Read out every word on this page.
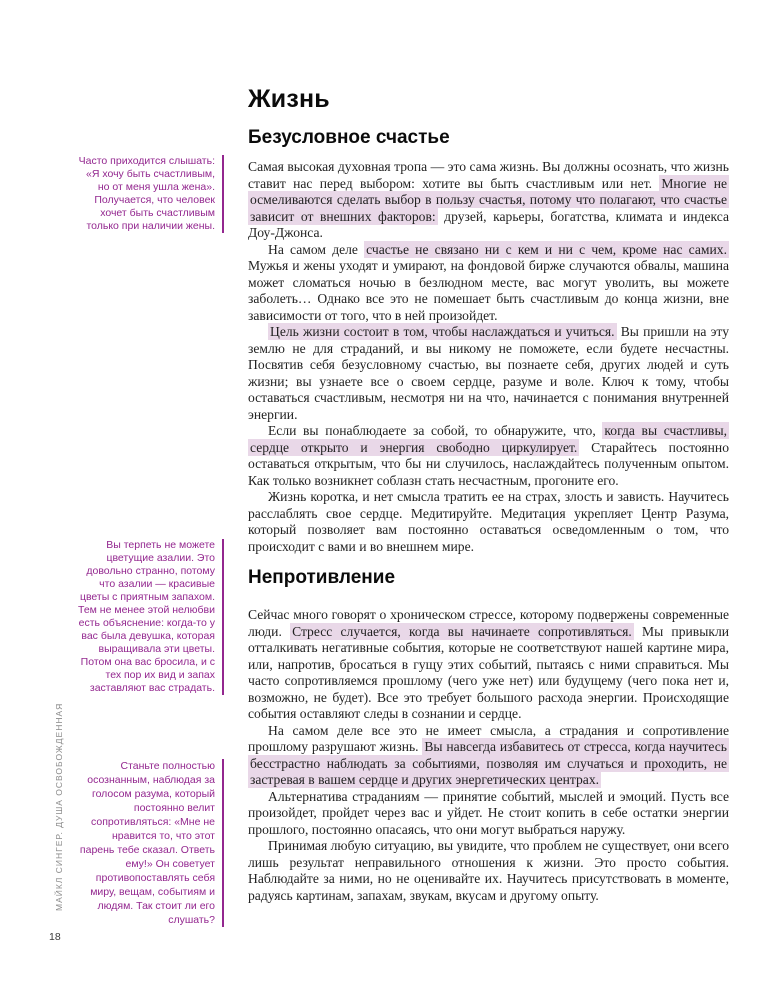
Жизнь
Безусловное счастье

Самая высокая духовная тропа — это сама жизнь. Вы должны осознать, что жизнь ставит нас перед выбором: хотите вы быть счастливым или нет. Многие не осмеливаются сделать выбор в пользу счастья, потому что полагают, что счастье зависит от внешних факторов: друзей, карьеры, богатства, климата и индекса Доу-Джонса.

На самом деле счастье не связано ни с кем и ни с чем, кроме нас самих. Мужья и жены уходят и умирают, на фондовой бирже случаются обвалы, машина может сломаться ночью в безлюдном месте, вас могут уволить, вы можете заболеть… Однако все это не помешает быть счастливым до конца жизни, вне зависимости от того, что в ней произойдет.

Цель жизни состоит в том, чтобы наслаждаться и учиться. Вы пришли на эту землю не для страданий, и вы никому не поможете, если будете несчастны. Посвятив себя безусловному счастью, вы познаете себя, других людей и суть жизни; вы узнаете все о своем сердце, разуме и воле. Ключ к тому, чтобы оставаться счастливым, несмотря ни на что, начинается с понимания внутренней энергии.

Если вы понаблюдаете за собой, то обнаружите, что, когда вы счастливы, сердце открыто и энергия свободно циркулирует. Старайтесь постоянно оставаться открытым, что бы ни случилось, наслаждайтесь полученным опытом. Как только возникнет соблазн стать несчастным, прогоните его.

Жизнь коротка, и нет смысла тратить ее на страх, злость и зависть. Научитесь расслаблять свое сердце. Медитируйте. Медитация укрепляет Центр Разума, который позволяет вам постоянно оставаться осведомленным о том, что происходит с вами и во внешнем мире.

Непротивление

Сейчас много говорят о хроническом стрессе, которому подвержены современные люди. Стресс случается, когда вы начинаете сопротивляться. Мы привыкли отталкивать негативные события, которые не соответствуют нашей картине мира, или, напротив, бросаться в гущу этих событий, пытаясь с ними справиться. Мы часто сопротивляемся прошлому (чего уже нет) или будущему (чего пока нет и, возможно, не будет). Все это требует большого расхода энергии. Происходящие события оставляют следы в сознании и сердце.

На самом деле все это не имеет смысла, а страдания и сопротивление прошлому разрушают жизнь. Вы навсегда избавитесь от стресса, когда научитесь бесстрастно наблюдать за событиями, позволяя им случаться и проходить, не застревая в вашем сердце и других энергетических центрах.

Альтернатива страданиям — принятие событий, мыслей и эмоций. Пусть все произойдет, пройдет через вас и уйдет. Не стоит копить в себе остатки энергии прошлого, постоянно опасаясь, что они могут выбраться наружу.

Принимая любую ситуацию, вы увидите, что проблем не существует, они всего лишь результат неправильного отношения к жизни. Это просто события. Наблюдайте за ними, но не оценивайте их. Научитесь присутствовать в моменте, радуясь картинам, запахам, звукам, вкусам и другому опыту.

Часто приходится слышать: «Я хочу быть счастливым, но от меня ушла жена». Получается, что человек хочет быть счастливым только при наличии жены.
Вы терпеть не можете цветущие азалии. Это довольно странно, потому что азалии — красивые цветы с приятным запахом. Тем не менее этой нелюбви есть объяснение: когда-то у вас была девушка, которая выращивала эти цветы. Потом она вас бросила, и с тех пор их вид и запах заставляют вас страдать.
Станьте полностью осознанным, наблюдая за голосом разума, который постоянно велит сопротивляться: «Мне не нравится то, что этот парень тебе сказал. Ответь ему!» Он советует противопоставлять себя миру, вещам, событиям и людям. Так стоит ли его слушать?
МАЙКЛ СИНГЕР. ДУША ОСВОБОЖДЕННАЯ
18
